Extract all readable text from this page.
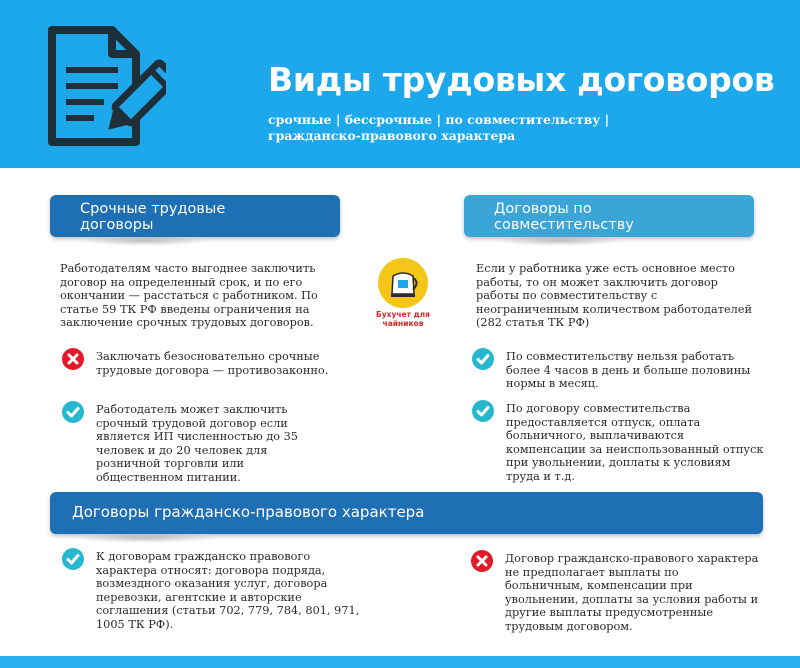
Виды трудовых договоров

срочные | бессрочные | по совместительству | гражданско-правового характера

Срочные трудовые договоры

Работодателям часто выгоднее заключить договор на определенный срок, и по его окончании — расстаться с работником. По статье 59 ТК РФ введены ограничения на заключение срочных трудовых договоров.

Заключать безосновательно срочные трудовые договора — противозаконно.

Работодатель может заключить срочный трудовой договор если является ИП численностью до 35 человек и до 20 человек для розничной торговли или общественном питании.

Бухучет для чайников

Договоры по совместительству

Если у работника уже есть основное место работы, то он может заключить договор работы по совместительству с неограниченным количеством работодателей (282 статья ТК РФ)

По совместительству нельзя работать более 4 часов в день и больше половины нормы в месяц.

По договору совместительства предоставляется отпуск, оплата больничного, выплачиваются компенсации за неиспользованный отпуск при увольнении, доплаты к условиям труда и т.д.

Договоры гражданско-правового характера

К договорам гражданско правового характера относят: договора подряда, возмездного оказания услуг, договора перевозки, агентские и авторские соглашения (статьи 702, 779, 784, 801, 971, 1005 ТК РФ).

Договор гражданско-правового характера не предполагает выплаты по больничным, компенсации при увольнении, доплаты за условия работы и другие выплаты предусмотренные трудовым договором.
